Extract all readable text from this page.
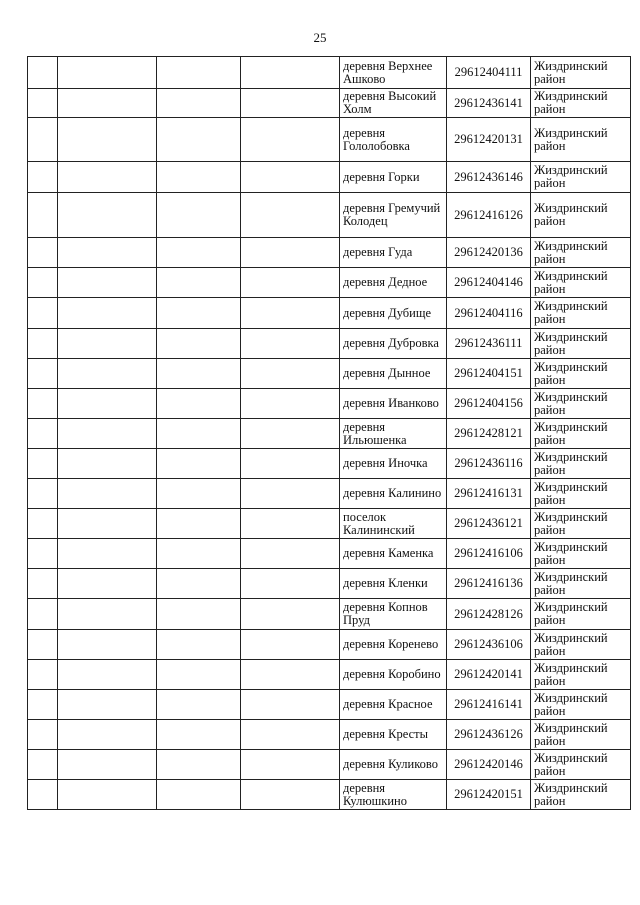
25
				деревня Верхнее Ашково	29612404111	Жиздринский район
				деревня Высокий Холм	29612436141	Жиздринский район
				деревня Гололобовка	29612420131	Жиздринский район
				деревня Горки	29612436146	Жиздринский район
				деревня Гремучий Колодец	29612416126	Жиздринский район
				деревня Гуда	29612420136	Жиздринский район
				деревня Дедное	29612404146	Жиздринский район
				деревня Дубище	29612404116	Жиздринский район
				деревня Дубровка	29612436111	Жиздринский район
				деревня Дынное	29612404151	Жиздринский район
				деревня Иванково	29612404156	Жиздринский район
				деревня Ильюшенка	29612428121	Жиздринский район
				деревня Иночка	29612436116	Жиздринский район
				деревня Калинино	29612416131	Жиздринский район
				поселок Калининский	29612436121	Жиздринский район
				деревня Каменка	29612416106	Жиздринский район
				деревня Кленки	29612416136	Жиздринский район
				деревня Копнов Пруд	29612428126	Жиздринский район
				деревня Коренево	29612436106	Жиздринский район
				деревня Коробино	29612420141	Жиздринский район
				деревня Красное	29612416141	Жиздринский район
				деревня Кресты	29612436126	Жиздринский район
				деревня Куликово	29612420146	Жиздринский район
				деревня Кулюшкино	29612420151	Жиздринский район
